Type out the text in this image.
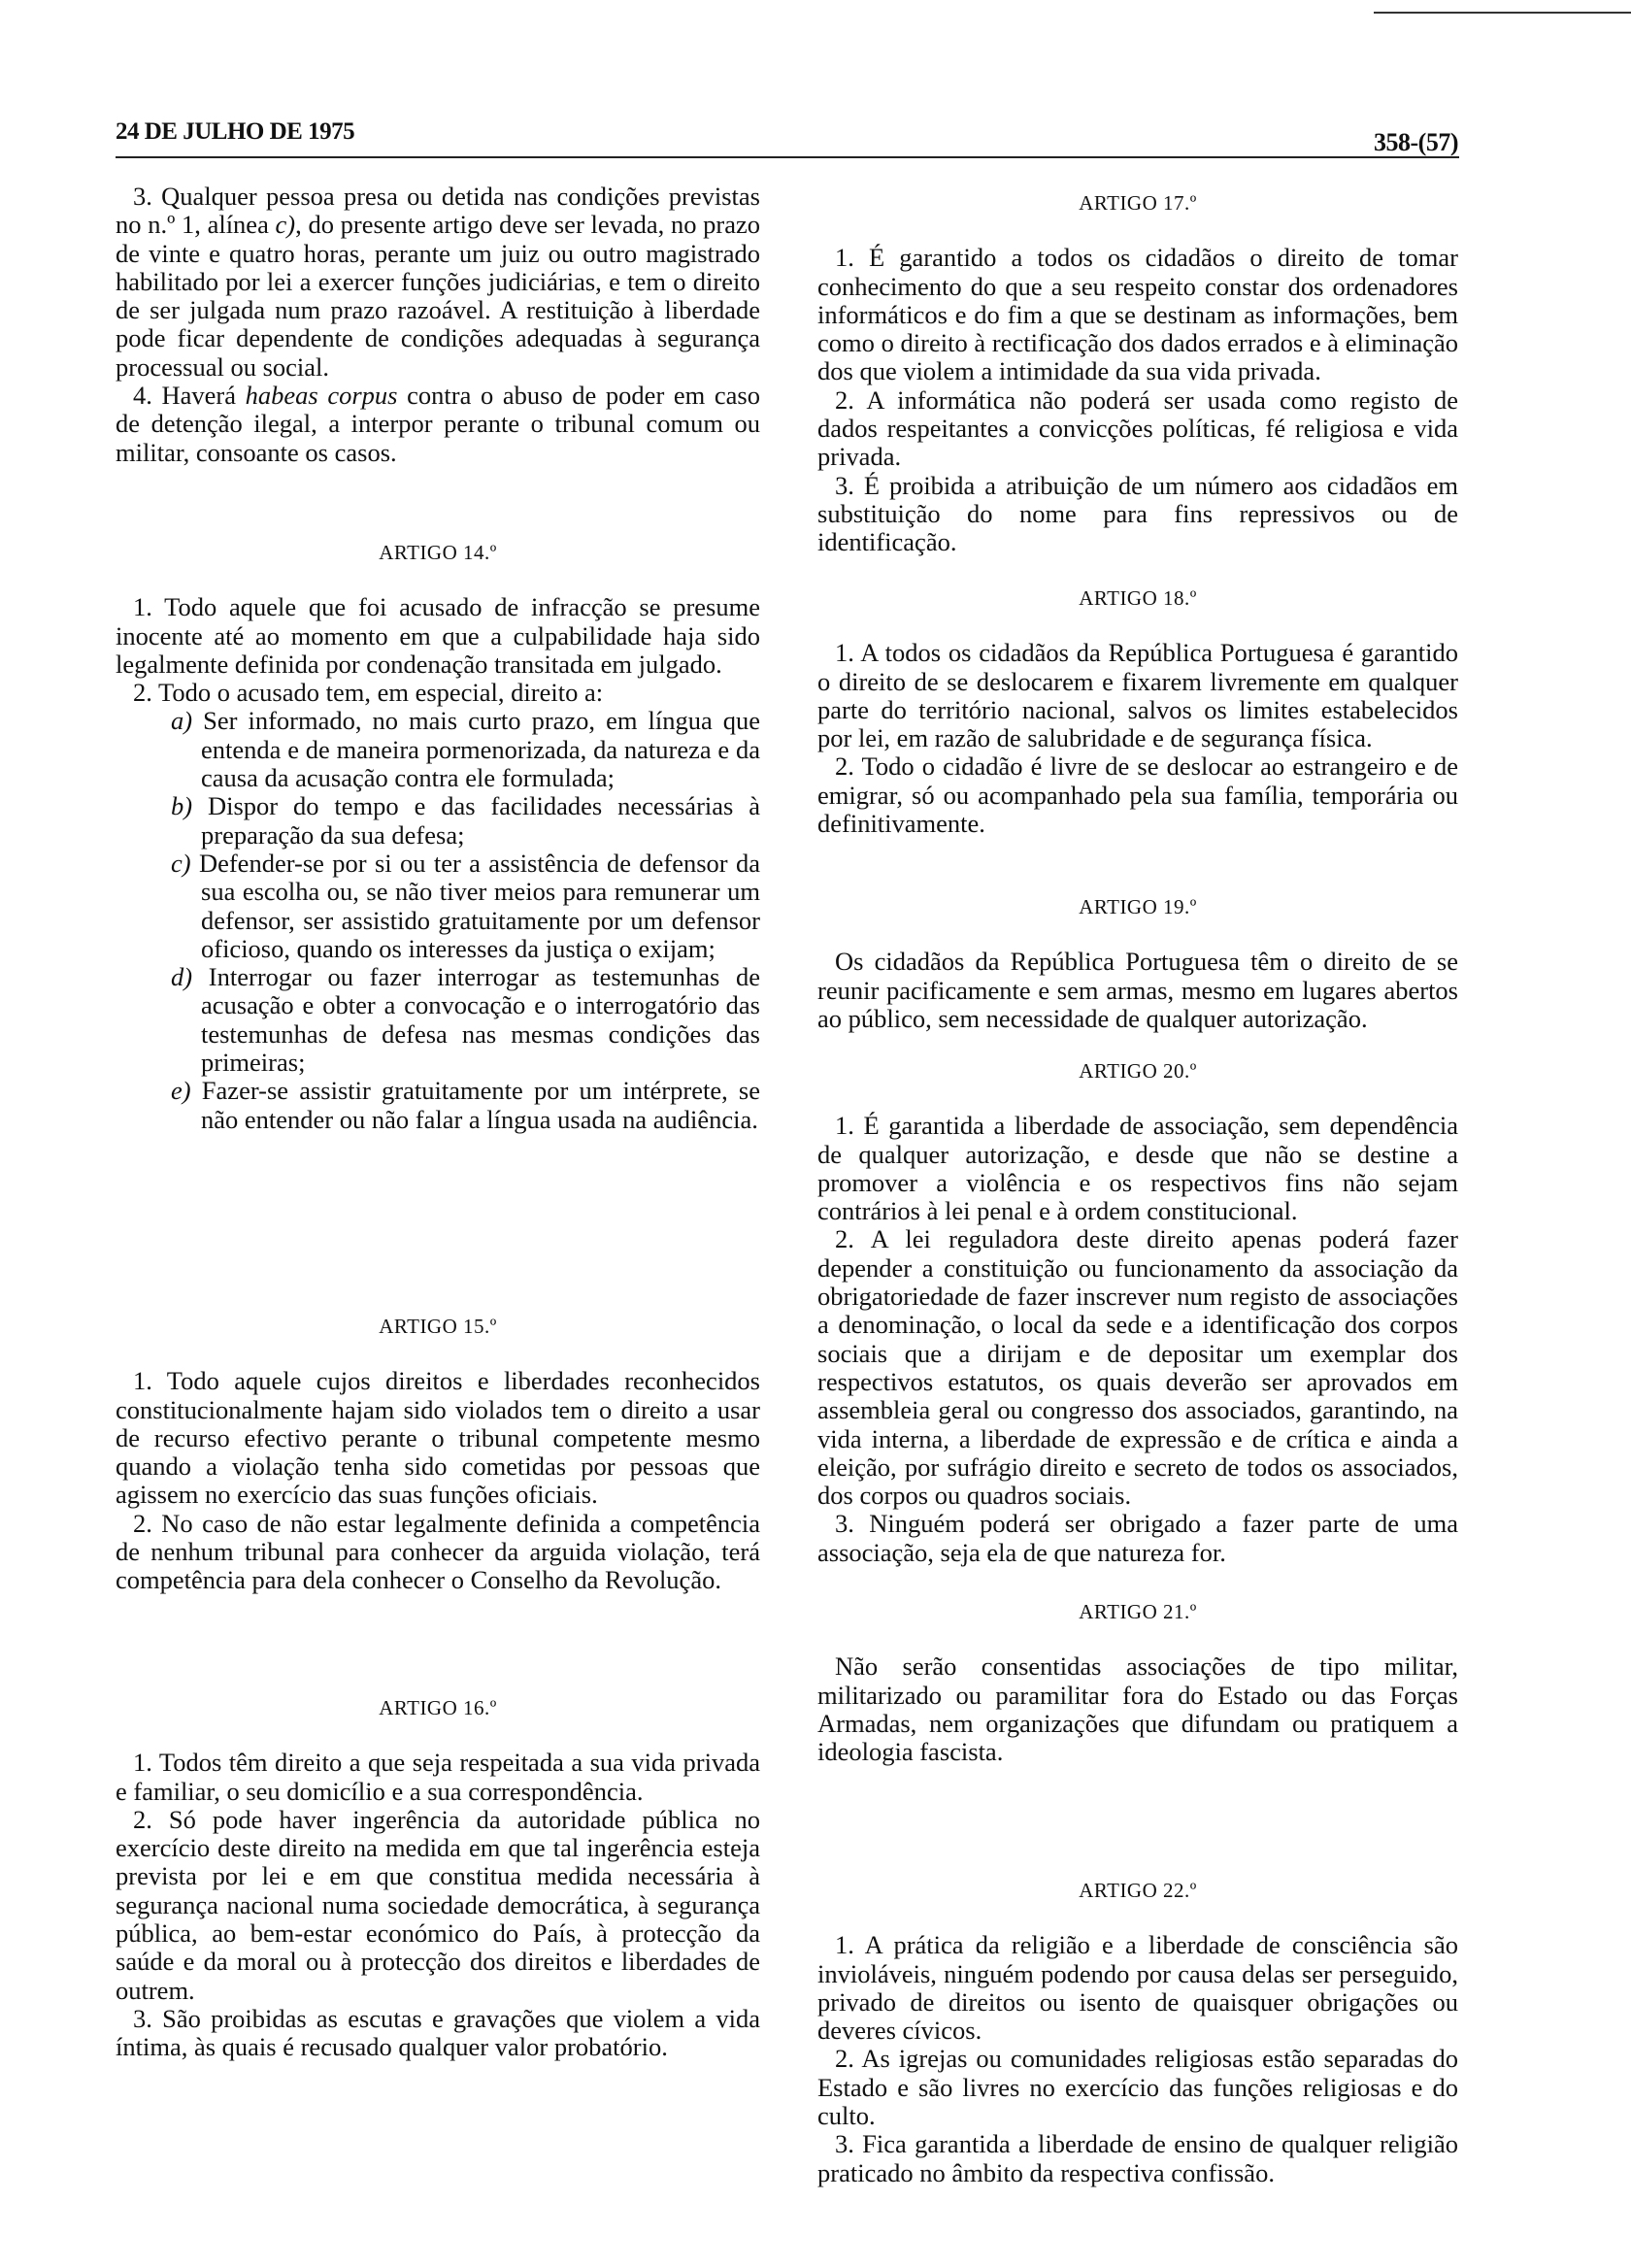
24 DE JULHO DE 1975	358-(57)

3. Qualquer pessoa presa ou detida nas condições previstas no n.º 1, alínea c), do presente artigo deve ser levada, no prazo de vinte e quatro horas, perante um juiz ou outro magistrado habilitado por lei a exercer funções judiciárias, e tem o direito de ser julgada num prazo razoável. A restituição à liberdade pode ficar dependente de condições adequadas à segurança processual ou social.

4. Haverá habeas corpus contra o abuso de poder em caso de detenção ilegal, a interpor perante o tribunal comum ou militar, consoante os casos.

ARTIGO 14.º

1. Todo aquele que foi acusado de infracção se presume inocente até ao momento em que a culpabilidade haja sido legalmente definida por condenação transitada em julgado.

2. Todo o acusado tem, em especial, direito a:

a) Ser informado, no mais curto prazo, em língua que entenda e de maneira pormenorizada, da natureza e da causa da acusação contra ele formulada;

b) Dispor do tempo e das facilidades necessárias à preparação da sua defesa;

c) Defender-se por si ou ter a assistência de defensor da sua escolha ou, se não tiver meios para remunerar um defensor, ser assistido gratuitamente por um defensor oficioso, quando os interesses da justiça o exijam;

d) Interrogar ou fazer interrogar as testemunhas de acusação e obter a convocação e o interrogatório das testemunhas de defesa nas mesmas condições das primeiras;

e) Fazer-se assistir gratuitamente por um intérprete, se não entender ou não falar a língua usada na audiência.

ARTIGO 15.º

1. Todo aquele cujos direitos e liberdades reconhecidos constitucionalmente hajam sido violados tem o direito a usar de recurso efectivo perante o tribunal competente mesmo quando a violação tenha sido cometidas por pessoas que agissem no exercício das suas funções oficiais.

2. No caso de não estar legalmente definida a competência de nenhum tribunal para conhecer da arguida violação, terá competência para dela conhecer o Conselho da Revolução.

ARTIGO 16.º

1. Todos têm direito a que seja respeitada a sua vida privada e familiar, o seu domicílio e a sua correspondência.

2. Só pode haver ingerência da autoridade pública no exercício deste direito na medida em que tal ingerência esteja prevista por lei e em que constitua medida necessária à segurança nacional numa sociedade democrática, à segurança pública, ao bem-estar económico do País, à protecção da saúde e da moral ou à protecção dos direitos e liberdades de outrem.

3. São proibidas as escutas e gravações que violem a vida íntima, às quais é recusado qualquer valor probatório.

ARTIGO 17.º

1. É garantido a todos os cidadãos o direito de tomar conhecimento do que a seu respeito constar dos ordenadores informáticos e do fim a que se destinam as informações, bem como o direito à rectificação dos dados errados e à eliminação dos que violem a intimidade da sua vida privada.

2. A informática não poderá ser usada como registo de dados respeitantes a convicções políticas, fé religiosa e vida privada.

3. É proibida a atribuição de um número aos cidadãos em substituição do nome para fins repressivos ou de identificação.

ARTIGO 18.º

1. A todos os cidadãos da República Portuguesa é garantido o direito de se deslocarem e fixarem livremente em qualquer parte do território nacional, salvos os limites estabelecidos por lei, em razão de salubridade e de segurança física.

2. Todo o cidadão é livre de se deslocar ao estrangeiro e de emigrar, só ou acompanhado pela sua família, temporária ou definitivamente.

ARTIGO 19.º

Os cidadãos da República Portuguesa têm o direito de se reunir pacificamente e sem armas, mesmo em lugares abertos ao público, sem necessidade de qualquer autorização.

ARTIGO 20.º

1. É garantida a liberdade de associação, sem dependência de qualquer autorização, e desde que não se destine a promover a violência e os respectivos fins não sejam contrários à lei penal e à ordem constitucional.

2. A lei reguladora deste direito apenas poderá fazer depender a constituição ou funcionamento da associação da obrigatoriedade de fazer inscrever num registo de associações a denominação, o local da sede e a identificação dos corpos sociais que a dirijam e de depositar um exemplar dos respectivos estatutos, os quais deverão ser aprovados em assembleia geral ou congresso dos associados, garantindo, na vida interna, a liberdade de expressão e de crítica e ainda a eleição, por sufrágio direito e secreto de todos os associados, dos corpos ou quadros sociais.

3. Ninguém poderá ser obrigado a fazer parte de uma associação, seja ela de que natureza for.

ARTIGO 21.º

Não serão consentidas associações de tipo militar, militarizado ou paramilitar fora do Estado ou das Forças Armadas, nem organizações que difundam ou pratiquem a ideologia fascista.

ARTIGO 22.º

1. A prática da religião e a liberdade de consciência são invioláveis, ninguém podendo por causa delas ser perseguido, privado de direitos ou isento de quaisquer obrigações ou deveres cívicos.

2. As igrejas ou comunidades religiosas estão separadas do Estado e são livres no exercício das funções religiosas e do culto.

3. Fica garantida a liberdade de ensino de qualquer religião praticado no âmbito da respectiva confissão.
